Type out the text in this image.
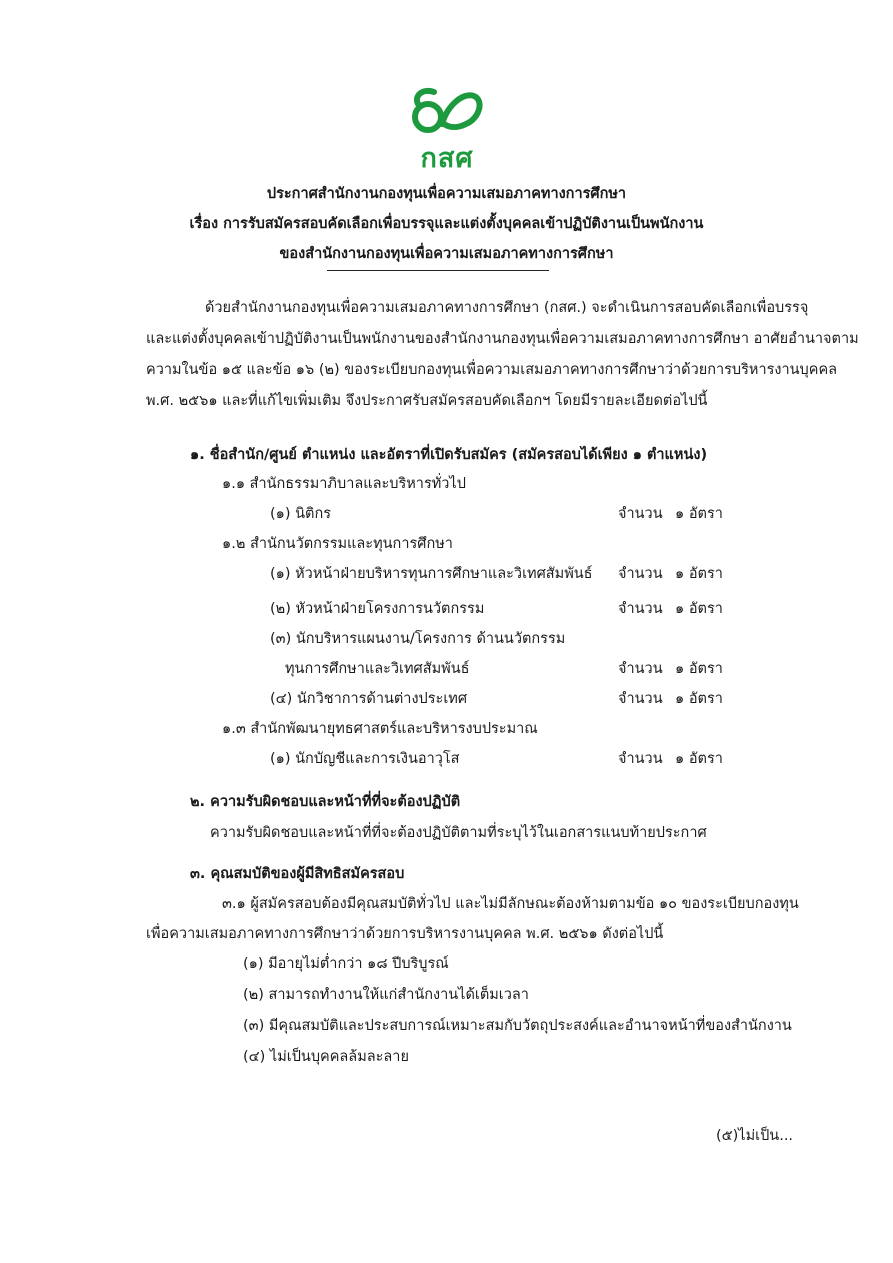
กสศ
ประกาศสำนักงานกองทุนเพื่อความเสมอภาคทางการศึกษา
เรื่อง การรับสมัครสอบคัดเลือกเพื่อบรรจุและแต่งตั้งบุคคลเข้าปฏิบัติงานเป็นพนักงาน
ของสำนักงานกองทุนเพื่อความเสมอภาคทางการศึกษา
ด้วยสำนักงานกองทุนเพื่อความเสมอภาคทางการศึกษา (กสศ.) จะดำเนินการสอบคัดเลือกเพื่อบรรจุ
และแต่งตั้งบุคคลเข้าปฏิบัติงานเป็นพนักงานของสำนักงานกองทุนเพื่อความเสมอภาคทางการศึกษา อาศัยอำนาจตาม
ความในข้อ ๑๕ และข้อ ๑๖ (๒) ของระเบียบกองทุนเพื่อความเสมอภาคทางการศึกษาว่าด้วยการบริหารงานบุคคล
พ.ศ. ๒๕๖๑ และที่แก้ไขเพิ่มเติม จึงประกาศรับสมัครสอบคัดเลือกฯ โดยมีรายละเอียดต่อไปนี้
๑. ชื่อสำนัก/ศูนย์ ตำแหน่ง และอัตราที่เปิดรับสมัคร (สมัครสอบได้เพียง ๑ ตำแหน่ง)
๑.๑ สำนักธรรมาภิบาลและบริหารทั่วไป
(๑) นิติกร	จำนวน ๑ อัตรา
๑.๒ สำนักนวัตกรรมและทุนการศึกษา
(๑) หัวหน้าฝ่ายบริหารทุนการศึกษาและวิเทศสัมพันธ์ จำนวน ๑ อัตรา
(๒) หัวหน้าฝ่ายโครงการนวัตกรรม	จำนวน ๑ อัตรา
(๓) นักบริหารแผนงาน/โครงการ ด้านนวัตกรรม
ทุนการศึกษาและวิเทศสัมพันธ์	จำนวน ๑ อัตรา
(๔) นักวิชาการด้านต่างประเทศ	จำนวน ๑ อัตรา
๑.๓ สำนักพัฒนายุทธศาสตร์และบริหารงบประมาณ
(๑) นักบัญชีและการเงินอาวุโส	จำนวน ๑ อัตรา
๒. ความรับผิดชอบและหน้าที่ที่จะต้องปฏิบัติ
ความรับผิดชอบและหน้าที่ที่จะต้องปฏิบัติตามที่ระบุไว้ในเอกสารแนบท้ายประกาศ
๓. คุณสมบัติของผู้มีสิทธิสมัครสอบ
๓.๑ ผู้สมัครสอบต้องมีคุณสมบัติทั่วไป และไม่มีลักษณะต้องห้ามตามข้อ ๑๐ ของระเบียบกองทุน
เพื่อความเสมอภาคทางการศึกษาว่าด้วยการบริหารงานบุคคล พ.ศ. ๒๕๖๑ ดังต่อไปนี้
(๑) มีอายุไม่ต่ำกว่า ๑๘ ปีบริบูรณ์
(๒) สามารถทำงานให้แก่สำนักงานได้เต็มเวลา
(๓) มีคุณสมบัติและประสบการณ์เหมาะสมกับวัตถุประสงค์และอำนาจหน้าที่ของสำนักงาน
(๔) ไม่เป็นบุคคลล้มละลาย
(๕)ไม่เป็น...
